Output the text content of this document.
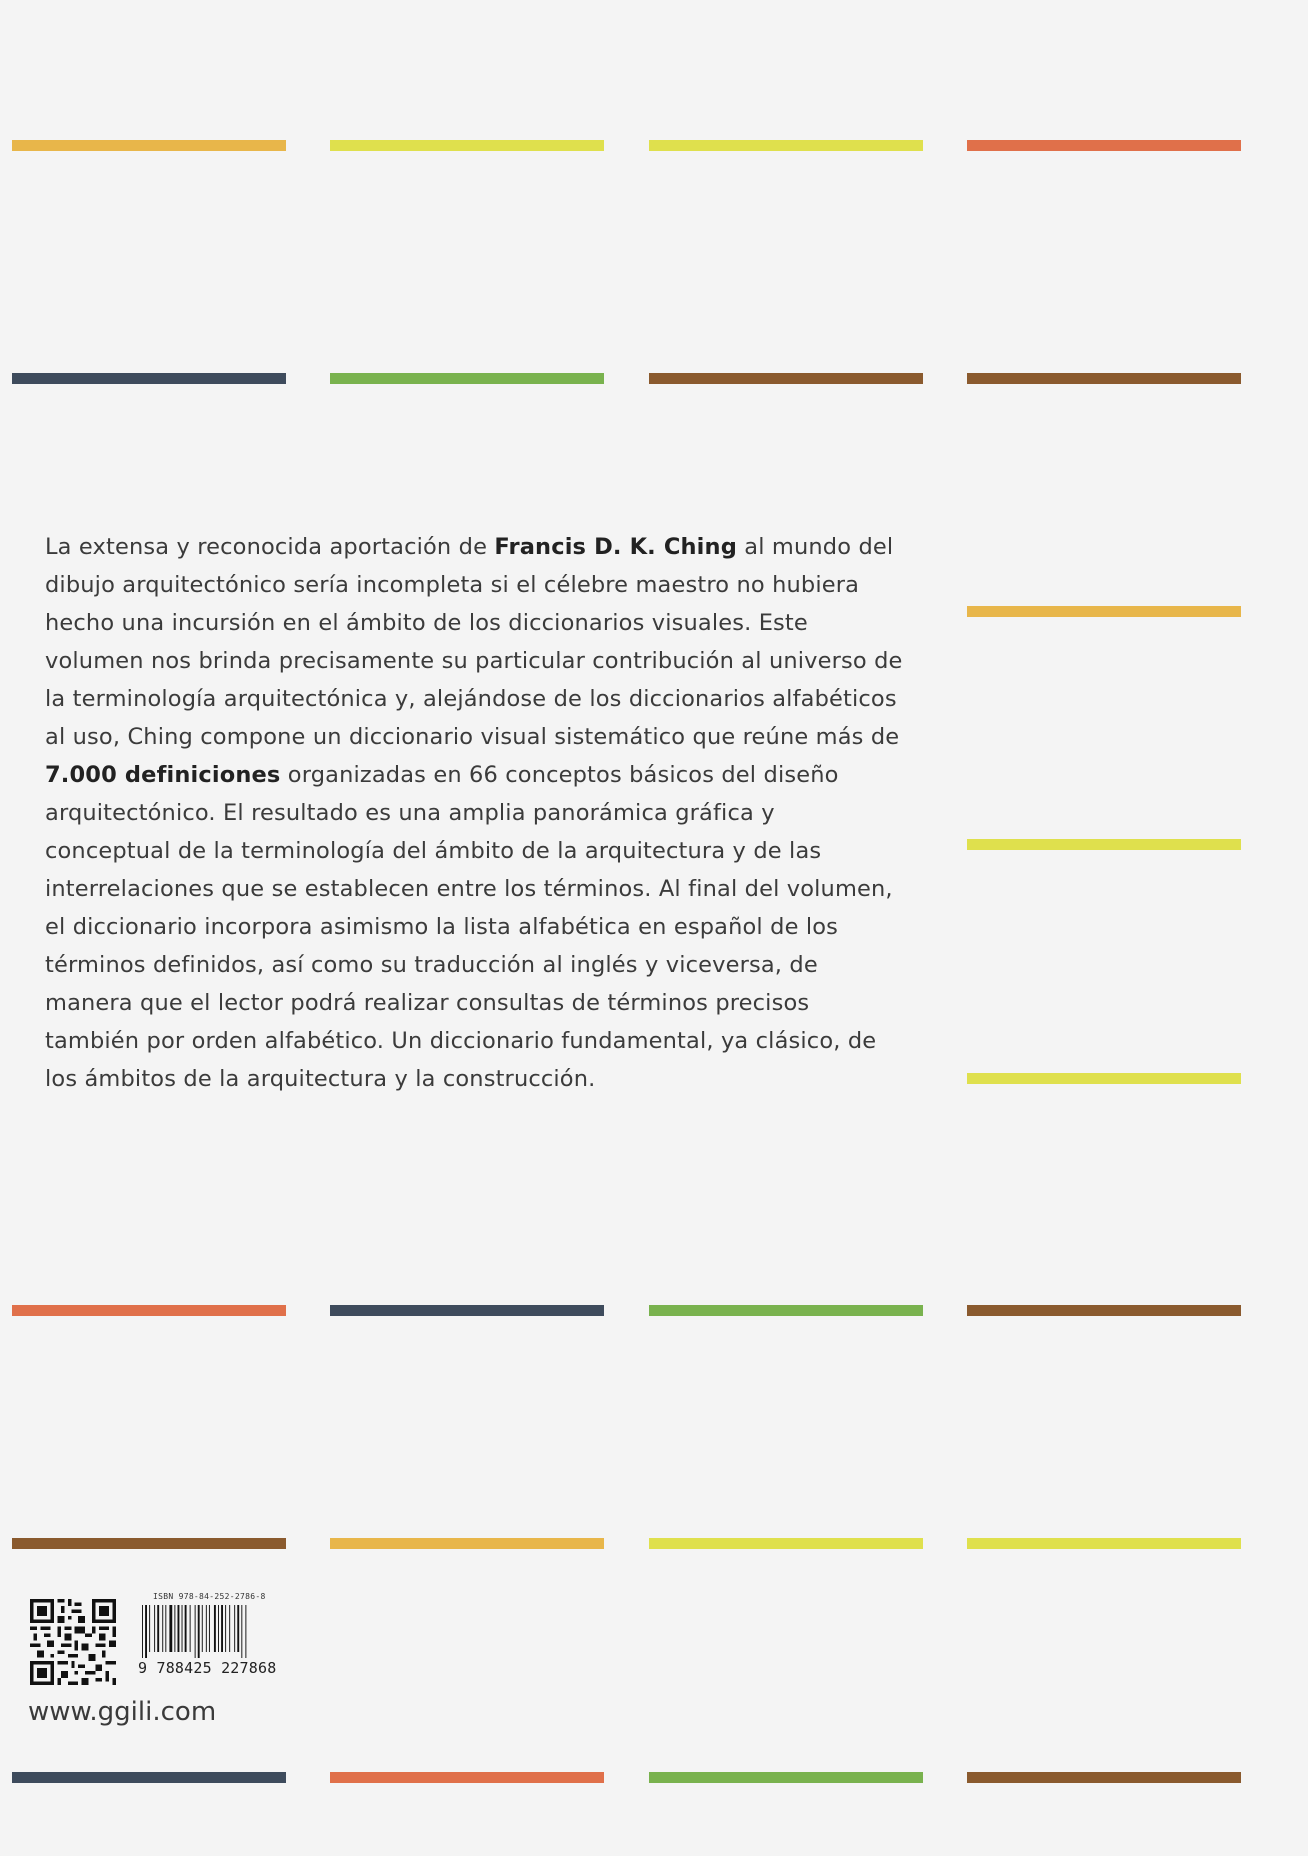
La extensa y reconocida aportación de Francis D. K. Ching al mundo del dibujo arquitectónico sería incompleta si el célebre maestro no hubiera hecho una incursión en el ámbito de los diccionarios visuales. Este volumen nos brinda precisamente su particular contribución al universo de la terminología arquitectónica y, alejándose de los diccionarios alfabéticos al uso, Ching compone un diccionario visual sistemático que reúne más de 7.000 definiciones organizadas en 66 conceptos básicos del diseño arquitectónico. El resultado es una amplia panorámica gráfica y conceptual de la terminología del ámbito de la arquitectura y de las interrelaciones que se establecen entre los términos. Al final del volumen, el diccionario incorpora asimismo la lista alfabética en español de los términos definidos, así como su traducción al inglés y viceversa, de manera que el lector podrá realizar consultas de términos precisos también por orden alfabético. Un diccionario fundamental, ya clásico, de los ámbitos de la arquitectura y la construcción.

ISBN 978-84-252-2786-8
9 788425 227868
www.ggili.com
